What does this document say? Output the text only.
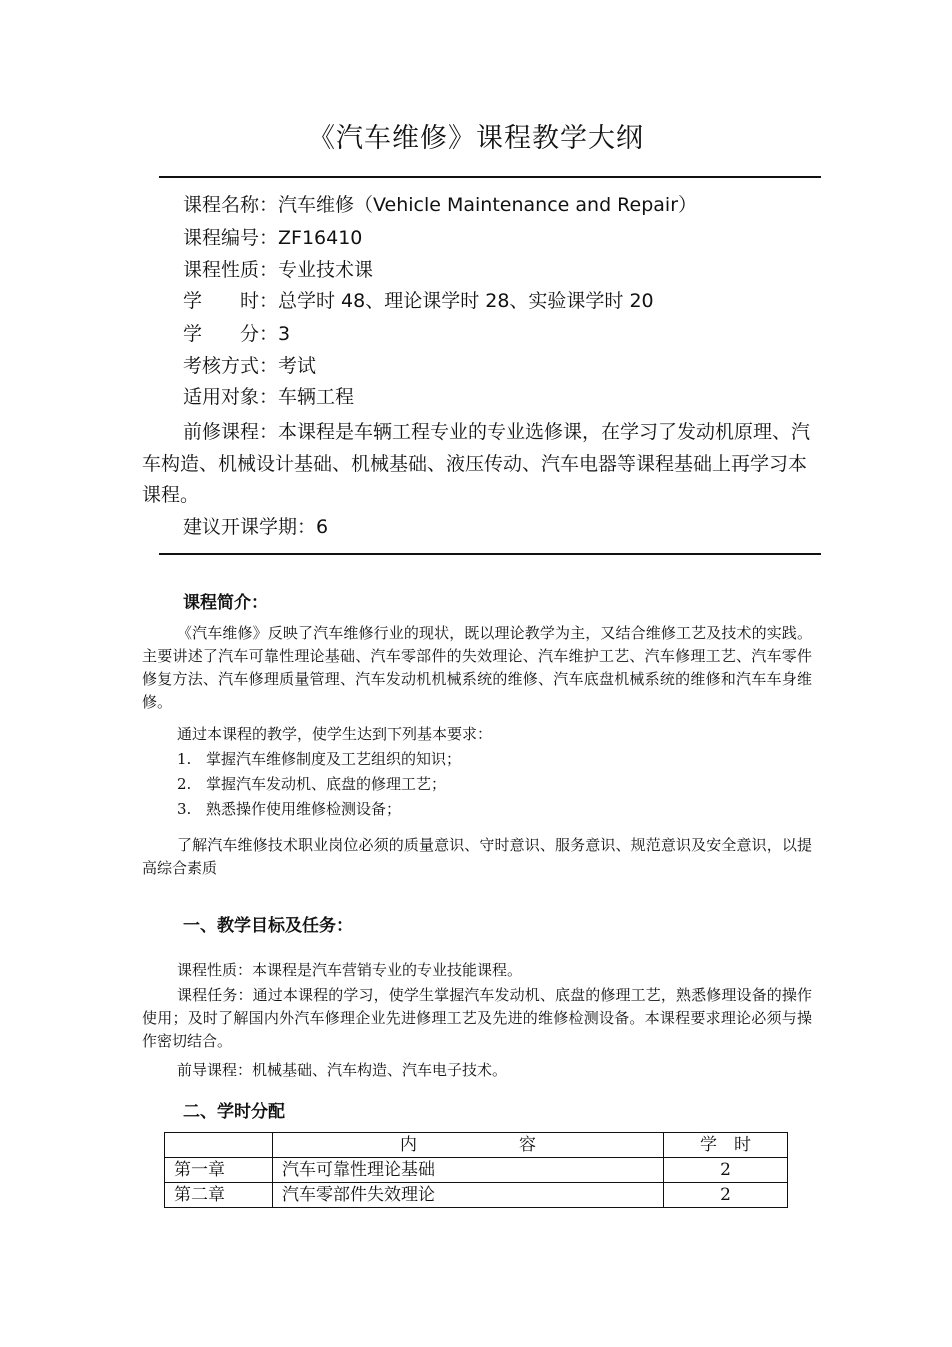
《汽车维修》课程教学大纲
课程名称：汽车维修（Vehicle Maintenance and Repair）
课程编号：ZF16410
课程性质：专业技术课
学　　时：总学时 48、理论课学时 28、实验课学时 20
学　　分：3
考核方式：考试
适用对象：车辆工程
前修课程：本课程是车辆工程专业的专业选修课，在学习了发动机原理、汽
车构造、机械设计基础、机械基础、液压传动、汽车电器等课程基础上再学习本
课程。
建议开课学期：6
课程简介：
《汽车维修》反映了汽车维修行业的现状，既以理论教学为主，又结合维修工艺及技术的实践。主要讲述了汽车可靠性理论基础、汽车零部件的失效理论、汽车维护工艺、汽车修理工艺、汽车零件修复方法、汽车修理质量管理、汽车发动机机械系统的维修、汽车底盘机械系统的维修和汽车车身维修。
通过本课程的教学，使学生达到下列基本要求：
1. 掌握汽车维修制度及工艺组织的知识；
2. 掌握汽车发动机、底盘的修理工艺；
3. 熟悉操作使用维修检测设备；
了解汽车维修技术职业岗位必须的质量意识、守时意识、服务意识、规范意识及安全意识，以提高综合素质
一、教学目标及任务：
课程性质：本课程是汽车营销专业的专业技能课程。
课程任务：通过本课程的学习，使学生掌握汽车发动机、底盘的修理工艺，熟悉修理设备的操作使用；及时了解国内外汽车修理企业先进修理工艺及先进的维修检测设备。本课程要求理论必须与操作密切结合。
前导课程：机械基础、汽车构造、汽车电子技术。
二、学时分配
	内　　　　　　容	学　时
第一章	汽车可靠性理论基础	2
第二章	汽车零部件失效理论	2
